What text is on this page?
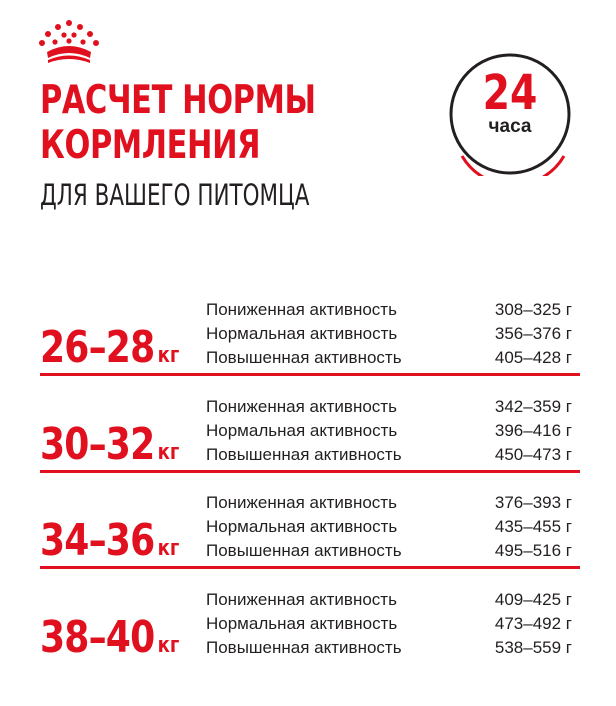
РАСЧЕТ НОРМЫ
КОРМЛЕНИЯ

ДЛЯ ВАШЕГО ПИТОМЦА

24
часа
26–28 кг
Пониженная активность	308–325 г
Нормальная активность	356–376 г
Повышенная активность	405–428 г
30–32 кг
Пониженная активность	342–359 г
Нормальная активность	396–416 г
Повышенная активность	450–473 г
34–36 кг
Пониженная активность	376–393 г
Нормальная активность	435–455 г
Повышенная активность	495–516 г
38–40 кг
Пониженная активность	409–425 г
Нормальная активность	473–492 г
Повышенная активность	538–559 г
